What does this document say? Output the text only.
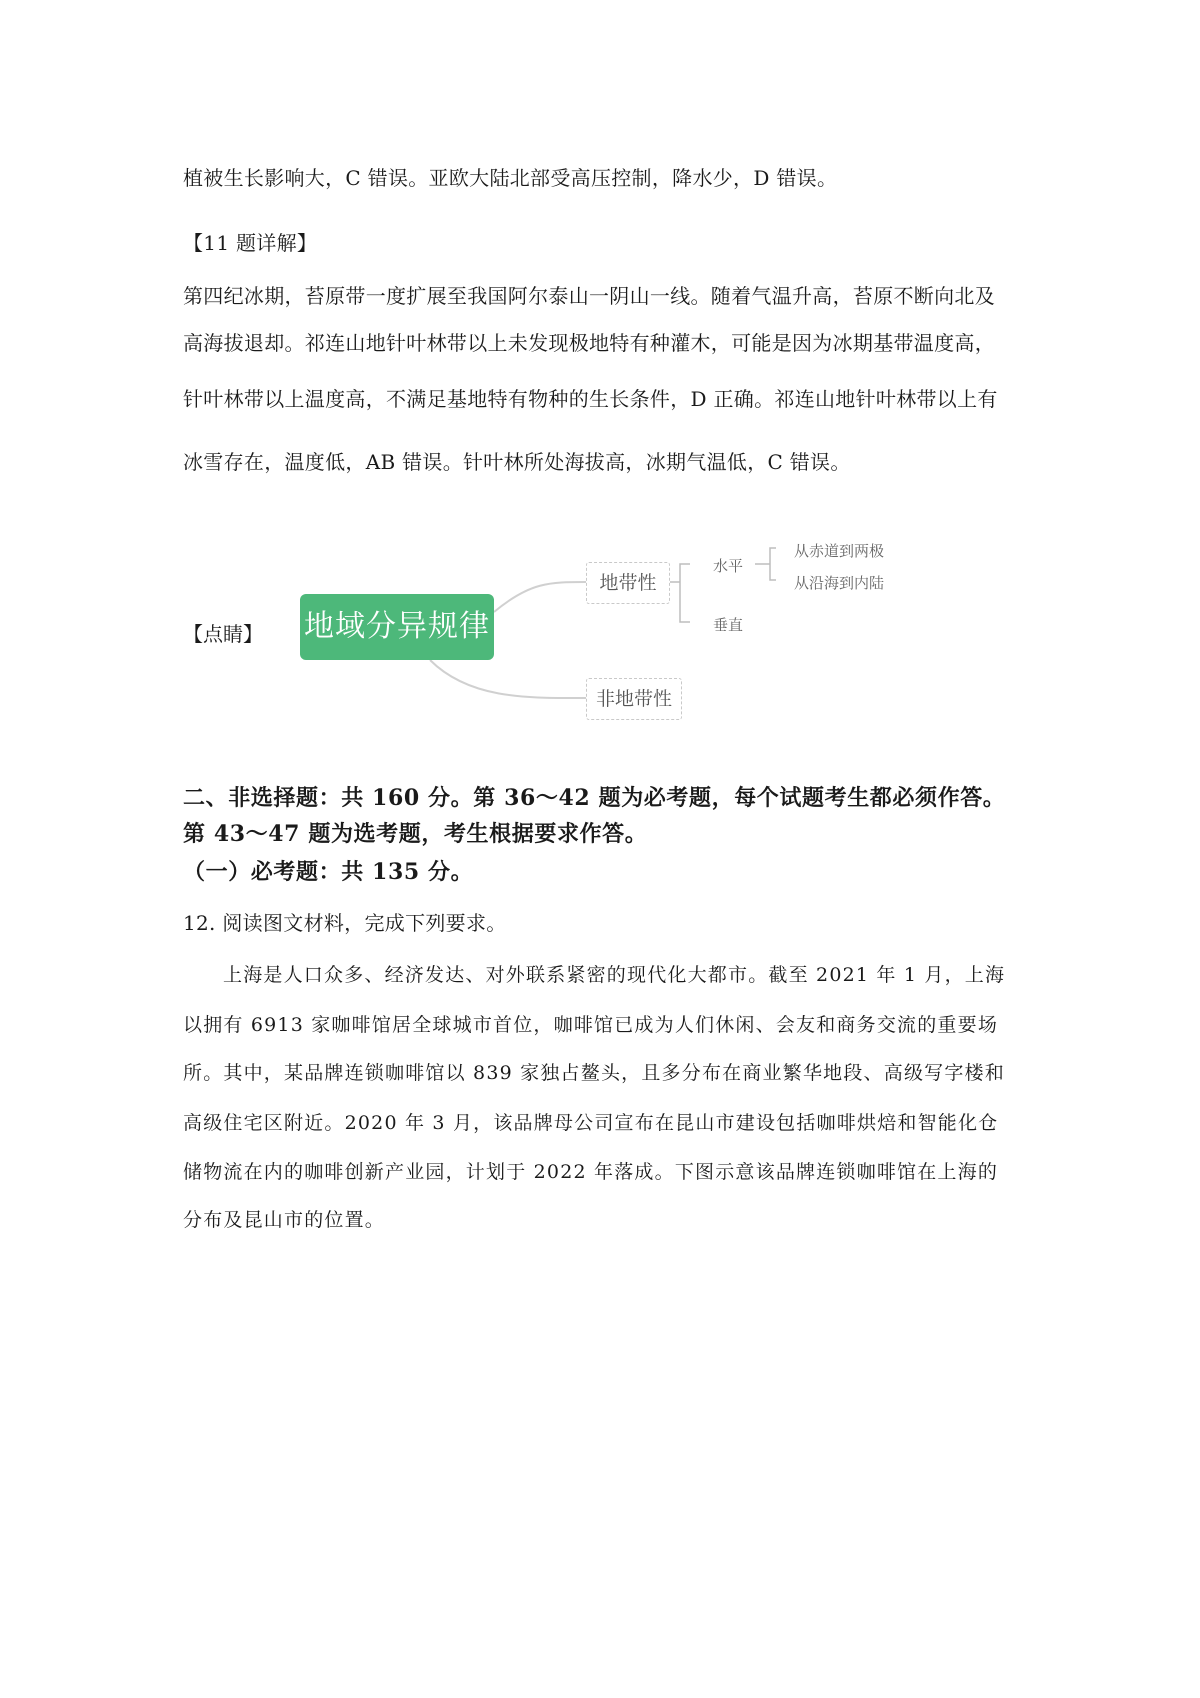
植被生长影响大，C 错误。亚欧大陆北部受高压控制，降水少，D 错误。
【11 题详解】
第四纪冰期，苔原带一度扩展至我国阿尔泰山一阴山一线。随着气温升高，苔原不断向北及
高海拔退却。祁连山地针叶林带以上未发现极地特有种灌木，可能是因为冰期基带温度高，
针叶林带以上温度高，不满足基地特有物种的生长条件，D 正确。祁连山地针叶林带以上有
冰雪存在，温度低，AB 错误。针叶林所处海拔高，冰期气温低，C 错误。
【点睛】 地域分异规律
地带性
非地带性
水平
垂直
从赤道到两极
从沿海到内陆
二、非选择题：共 160 分。第 36～42 题为必考题，每个试题考生都必须作答。
第 43～47 题为选考题，考生根据要求作答。
（一）必考题：共 135 分。
12. 阅读图文材料，完成下列要求。
上海是人口众多、经济发达、对外联系紧密的现代化大都市。截至 2021 年 1 月，上海
以拥有 6913 家咖啡馆居全球城市首位，咖啡馆已成为人们休闲、会友和商务交流的重要场
所。其中，某品牌连锁咖啡馆以 839 家独占鳌头，且多分布在商业繁华地段、高级写字楼和
高级住宅区附近。2020 年 3 月，该品牌母公司宣布在昆山市建设包括咖啡烘焙和智能化仓
储物流在内的咖啡创新产业园，计划于 2022 年落成。下图示意该品牌连锁咖啡馆在上海的
分布及昆山市的位置。
